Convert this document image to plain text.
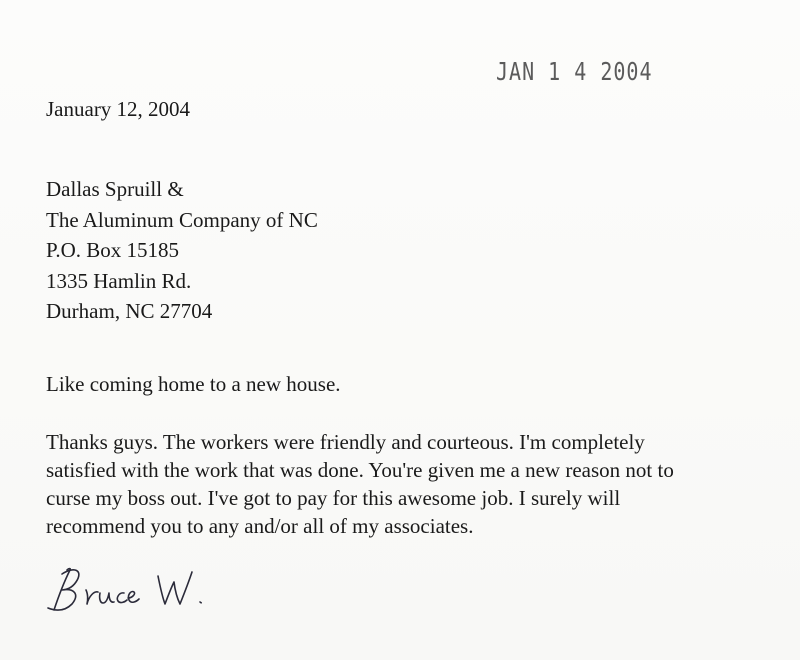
JAN 1 4 2004
January 12, 2004
Dallas Spruill &
The Aluminum Company of NC
P.O. Box 15185
1335 Hamlin Rd.
Durham, NC 27704
Like coming home to a new house.
Thanks guys. The workers were friendly and courteous. I'm completely
satisfied with the work that was done. You're given me a new reason not to
curse my boss out. I've got to pay for this awesome job. I surely will
recommend you to any and/or all of my associates.
